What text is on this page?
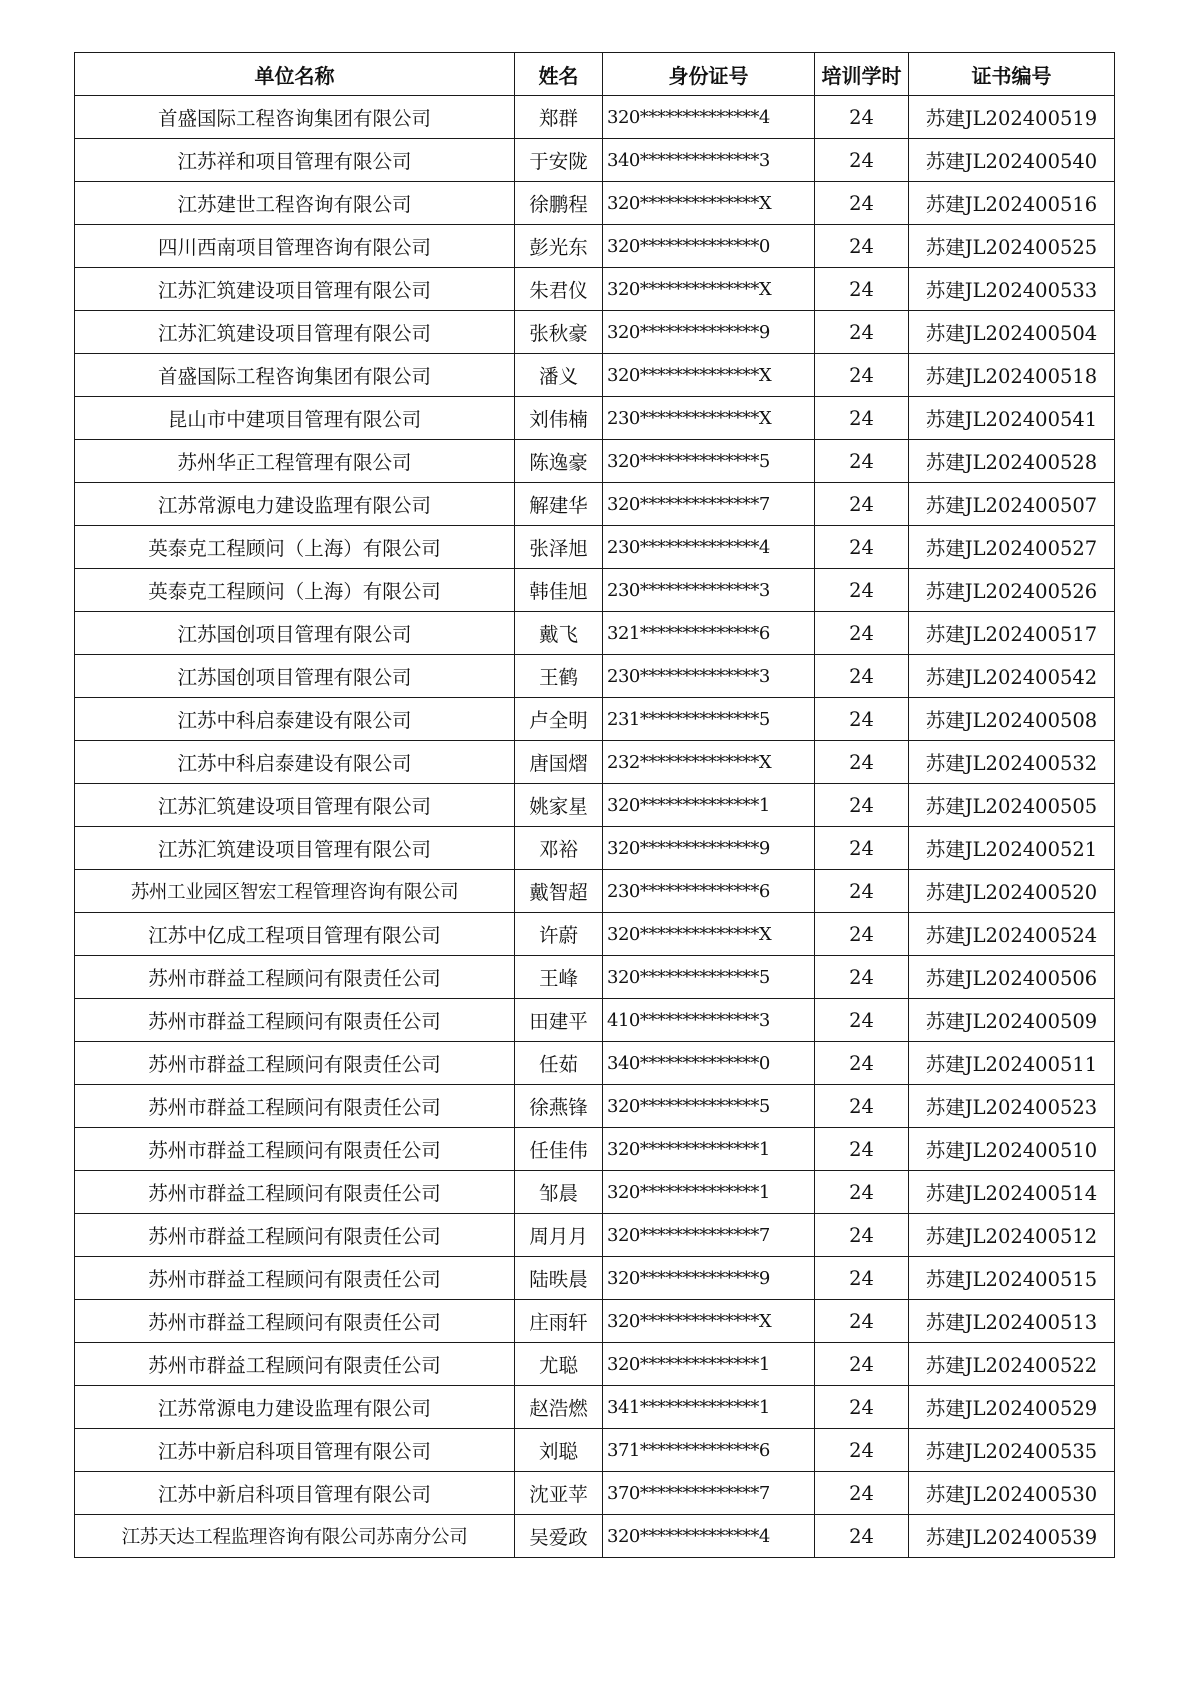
单位名称	姓名	身份证号	培训学时	证书编号
首盛国际工程咨询集团有限公司	郑群	320**************4	24	苏建JL202400519
江苏祥和项目管理有限公司	于安陇	340**************3	24	苏建JL202400540
江苏建世工程咨询有限公司	徐鹏程	320**************X	24	苏建JL202400516
四川西南项目管理咨询有限公司	彭光东	320**************0	24	苏建JL202400525
江苏汇筑建设项目管理有限公司	朱君仪	320**************X	24	苏建JL202400533
江苏汇筑建设项目管理有限公司	张秋豪	320**************9	24	苏建JL202400504
首盛国际工程咨询集团有限公司	潘义	320**************X	24	苏建JL202400518
昆山市中建项目管理有限公司	刘伟楠	230**************X	24	苏建JL202400541
苏州华正工程管理有限公司	陈逸豪	320**************5	24	苏建JL202400528
江苏常源电力建设监理有限公司	解建华	320**************7	24	苏建JL202400507
英泰克工程顾问（上海）有限公司	张泽旭	230**************4	24	苏建JL202400527
英泰克工程顾问（上海）有限公司	韩佳旭	230**************3	24	苏建JL202400526
江苏国创项目管理有限公司	戴飞	321**************6	24	苏建JL202400517
江苏国创项目管理有限公司	王鹤	230**************3	24	苏建JL202400542
江苏中科启泰建设有限公司	卢全明	231**************5	24	苏建JL202400508
江苏中科启泰建设有限公司	唐国熠	232**************X	24	苏建JL202400532
江苏汇筑建设项目管理有限公司	姚家星	320**************1	24	苏建JL202400505
江苏汇筑建设项目管理有限公司	邓裕	320**************9	24	苏建JL202400521
苏州工业园区智宏工程管理咨询有限公司	戴智超	230**************6	24	苏建JL202400520
江苏中亿成工程项目管理有限公司	许蔚	320**************X	24	苏建JL202400524
苏州市群益工程顾问有限责任公司	王峰	320**************5	24	苏建JL202400506
苏州市群益工程顾问有限责任公司	田建平	410**************3	24	苏建JL202400509
苏州市群益工程顾问有限责任公司	任茹	340**************0	24	苏建JL202400511
苏州市群益工程顾问有限责任公司	徐燕锋	320**************5	24	苏建JL202400523
苏州市群益工程顾问有限责任公司	任佳伟	320**************1	24	苏建JL202400510
苏州市群益工程顾问有限责任公司	邹晨	320**************1	24	苏建JL202400514
苏州市群益工程顾问有限责任公司	周月月	320**************7	24	苏建JL202400512
苏州市群益工程顾问有限责任公司	陆昳晨	320**************9	24	苏建JL202400515
苏州市群益工程顾问有限责任公司	庄雨轩	320**************X	24	苏建JL202400513
苏州市群益工程顾问有限责任公司	尤聪	320**************1	24	苏建JL202400522
江苏常源电力建设监理有限公司	赵浩燃	341**************1	24	苏建JL202400529
江苏中新启科项目管理有限公司	刘聪	371**************6	24	苏建JL202400535
江苏中新启科项目管理有限公司	沈亚苹	370**************7	24	苏建JL202400530
江苏天达工程监理咨询有限公司苏南分公司	吴爱政	320**************4	24	苏建JL202400539
